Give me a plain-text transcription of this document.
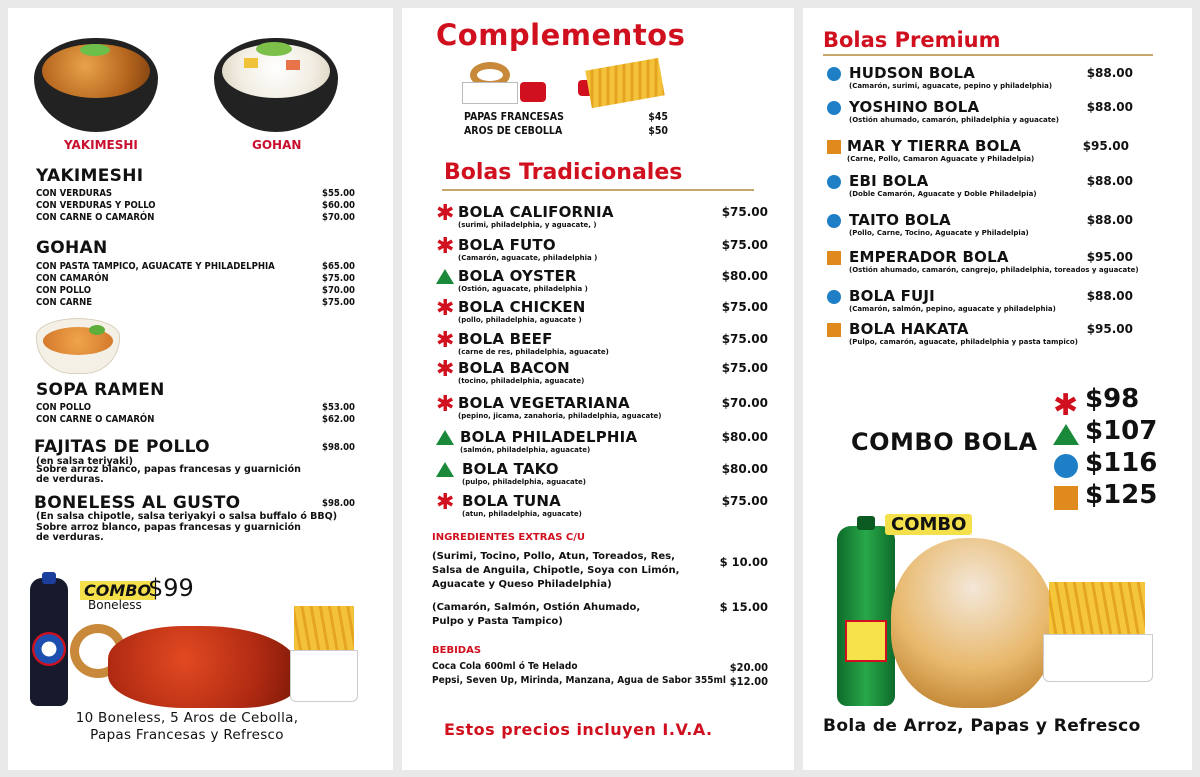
YAKIMESHI	GOHAN
YAKIMESHI
CON VERDURAS	$55.00
CON VERDURAS Y POLLO	$60.00
CON CARNE O CAMARÓN	$70.00
GOHAN
CON PASTA TAMPICO, AGUACATE Y PHILADELPHIA	$65.00
CON CAMARÓN	$75.00
CON POLLO	$70.00
CON CARNE	$75.00
SOPA RAMEN
CON POLLO	$53.00
CON CARNE O CAMARÓN	$62.00
FAJITAS DE POLLO	$98.00
(en salsa teriyaki)
Sobre arroz blanco, papas francesas y guarnición
de verduras.
BONELESS AL GUSTO	$98.00
(En salsa chipotle, salsa teriyakyi o salsa buffalo ó BBQ)
Sobre arroz blanco, papas francesas y guarnición
de verduras.
COMBO
Boneless
$99
10 Boneless, 5 Aros de Cebolla,
Papas Francesas y Refresco
Complementos
PAPAS FRANCESAS	$45
AROS DE CEBOLLA	$50
Bolas Tradicionales
✱ BOLA CALIFORNIA
(surimi, philadelphia, y aguacate, )
$75.00
✱ BOLA FUTO
(Camarón, aguacate, philadelphia )
$75.00
BOLA OYSTER
(Ostión, aguacate, philadelphia )
$80.00
✱ BOLA CHICKEN
(pollo, philadelphia, aguacate )
$75.00
✱ BOLA BEEF
(carne de res, philadelphia, aguacate)
$75.00
✱ BOLA BACON
(tocino, philadelphia, aguacate)
$75.00
✱ BOLA VEGETARIANA
(pepino, jicama, zanahoria, philadelphia, aguacate)
$70.00
BOLA PHILADELPHIA
(salmón, philadelphia, aguacate)
$80.00
BOLA TAKO
(pulpo, philadelphia, aguacate)
$80.00
✱ BOLA TUNA
(atun, philadelphia, aguacate)
$75.00
INGREDIENTES EXTRAS C/U
(Surimi, Tocino, Pollo, Atun, Toreados, Res,
Salsa de Anguila, Chipotle, Soya con Limón,
Aguacate y Queso Philadelphia)
$ 10.00
(Camarón, Salmón, Ostión Ahumado,
Pulpo y Pasta Tampico)
$ 15.00
BEBIDAS
Coca Cola 600ml ó Te Helado	$20.00
Pepsi, Seven Up, Mirinda, Manzana, Agua de Sabor 355ml $12.00
Estos precios incluyen I.V.A.
Bolas Premium
HUDSON BOLA
(Camarón, surimi, aguacate, pepino y philadelphia)
$88.00
YOSHINO BOLA
(Ostión ahumado, camarón, philadelphia y aguacate)
$88.00
MAR Y TIERRA BOLA
(Carne, Pollo, Camaron Aguacate y Philadelpia)
$95.00
EBI BOLA
(Doble Camarón, Aguacate y Doble Philadelpia)
$88.00
TAITO BOLA
(Pollo, Carne, Tocino, Aguacate y Philadelpia)
$88.00
EMPERADOR BOLA
(Ostión ahumado, camarón, cangrejo, philadelphia, toreados y aguacate)
$95.00
BOLA FUJI
(Camarón, salmón, pepino, aguacate y philadelphia)
$88.00
BOLA HAKATA
(Pulpo, camarón, aguacate, philadelphia y pasta tampico)
$95.00
COMBO BOLA
✱ $98
$107
$116
$125
COMBO
Bola de Arroz, Papas y Refresco
